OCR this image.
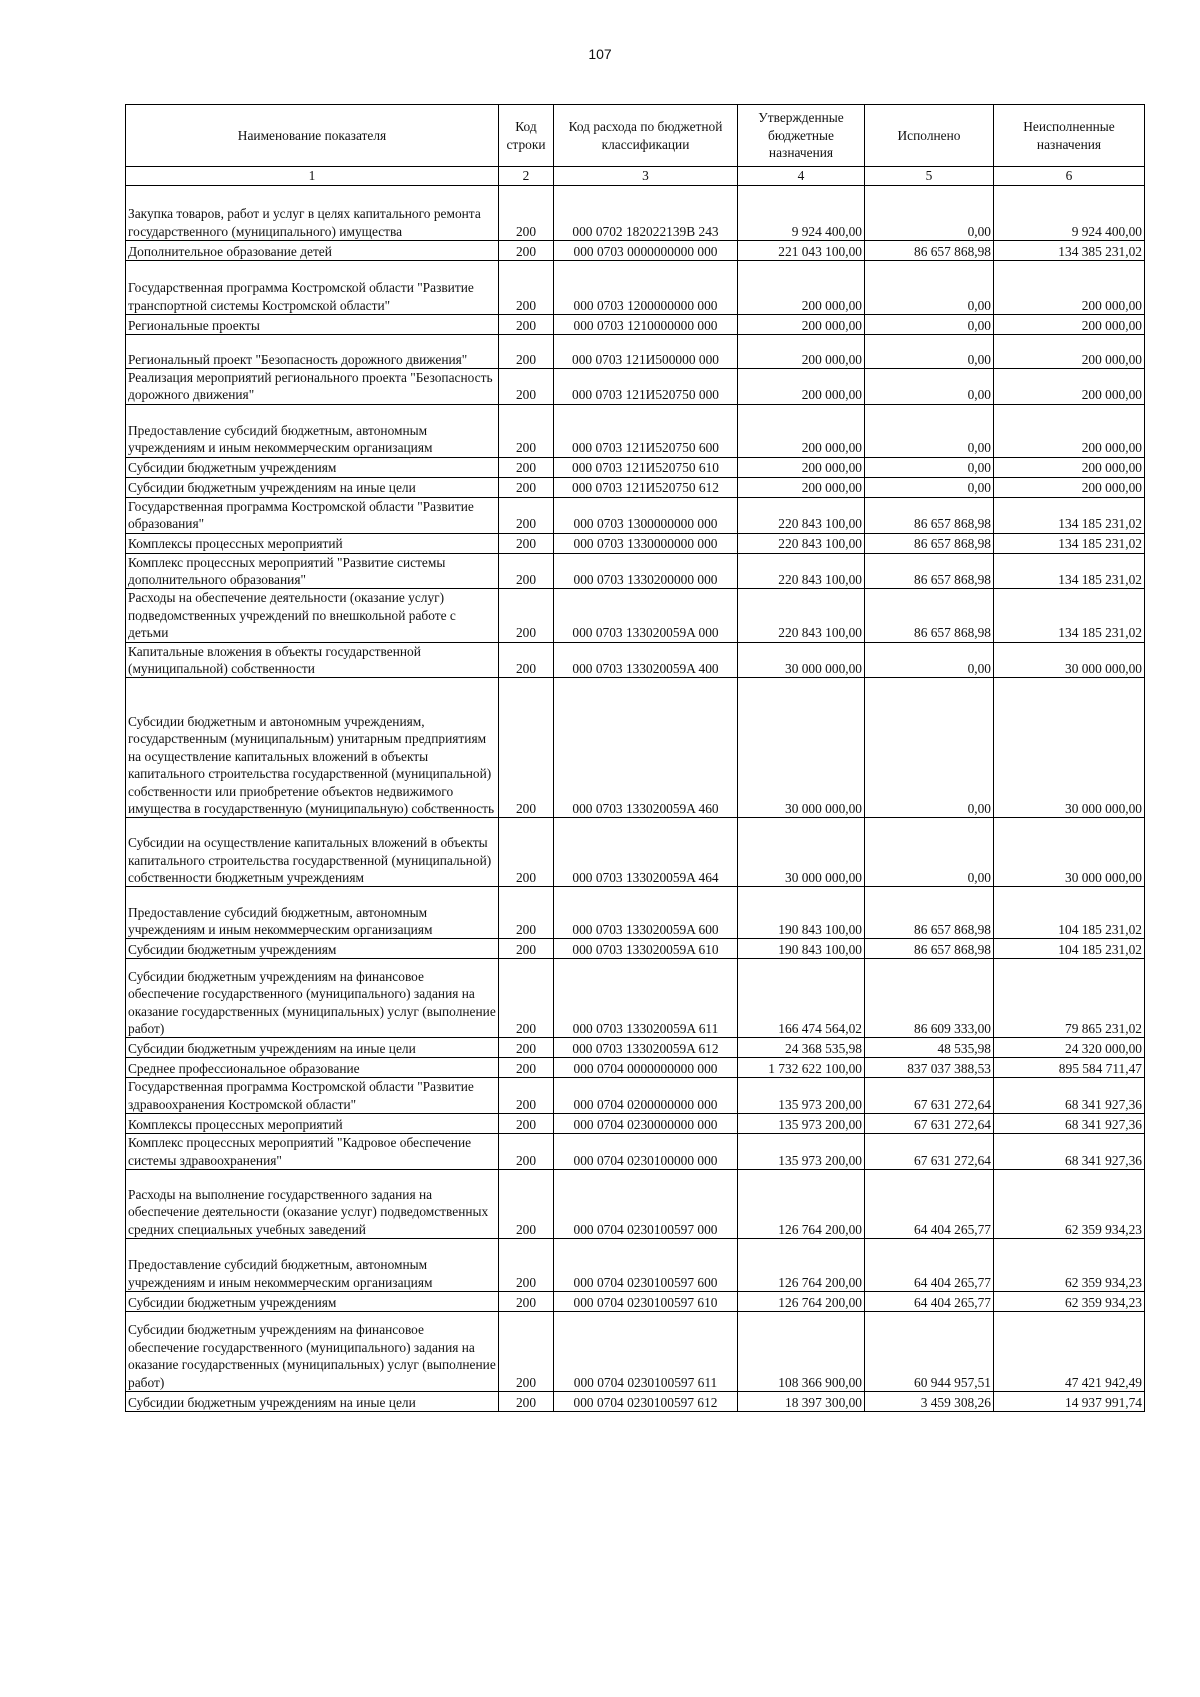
107
Наименование показателя	Код строки	Код расхода по бюджетной классификации	Утвержденные бюджетные назначения	Исполнено	Неисполненные назначения
1	2	3	4	5	6
Закупка товаров, работ и услуг в целях капитального ремонта государственного (муниципального) имущества	200	000 0702 182022139B 243	9 924 400,00	0,00	9 924 400,00
Дополнительное образование детей	200	000 0703 0000000000 000	221 043 100,00	86 657 868,98	134 385 231,02
Государственная программа Костромской области "Развитие транспортной системы Костромской области"	200	000 0703 1200000000 000	200 000,00	0,00	200 000,00
Региональные проекты	200	000 0703 1210000000 000	200 000,00	0,00	200 000,00
Региональный проект "Безопасность дорожного движения"	200	000 0703 121И500000 000	200 000,00	0,00	200 000,00
Реализация мероприятий регионального проекта "Безопасность дорожного движения"	200	000 0703 121И520750 000	200 000,00	0,00	200 000,00
Предоставление субсидий бюджетным, автономным учреждениям и иным некоммерческим организациям	200	000 0703 121И520750 600	200 000,00	0,00	200 000,00
Субсидии бюджетным учреждениям	200	000 0703 121И520750 610	200 000,00	0,00	200 000,00
Субсидии бюджетным учреждениям на иные цели	200	000 0703 121И520750 612	200 000,00	0,00	200 000,00
Государственная программа Костромской области "Развитие образования"	200	000 0703 1300000000 000	220 843 100,00	86 657 868,98	134 185 231,02
Комплексы процессных мероприятий	200	000 0703 1330000000 000	220 843 100,00	86 657 868,98	134 185 231,02
Комплекс процессных мероприятий "Развитие системы дополнительного образования"	200	000 0703 1330200000 000	220 843 100,00	86 657 868,98	134 185 231,02
Расходы на обеспечение деятельности (оказание услуг) подведомственных учреждений по внешкольной работе с детьми	200	000 0703 133020059A 000	220 843 100,00	86 657 868,98	134 185 231,02
Капитальные вложения в объекты государственной (муниципальной) собственности	200	000 0703 133020059A 400	30 000 000,00	0,00	30 000 000,00
Субсидии бюджетным и автономным учреждениям, государственным (муниципальным) унитарным предприятиям на осуществление капитальных вложений в объекты капитального строительства государственной (муниципальной) собственности или приобретение объектов недвижимого имущества в государственную (муниципальную) собственность	200	000 0703 133020059A 460	30 000 000,00	0,00	30 000 000,00
Субсидии на осуществление капитальных вложений в объекты капитального строительства государственной (муниципальной) собственности бюджетным учреждениям	200	000 0703 133020059A 464	30 000 000,00	0,00	30 000 000,00
Предоставление субсидий бюджетным, автономным учреждениям и иным некоммерческим организациям	200	000 0703 133020059A 600	190 843 100,00	86 657 868,98	104 185 231,02
Субсидии бюджетным учреждениям	200	000 0703 133020059A 610	190 843 100,00	86 657 868,98	104 185 231,02
Субсидии бюджетным учреждениям на финансовое обеспечение государственного (муниципального) задания на оказание государственных (муниципальных) услуг (выполнение работ)	200	000 0703 133020059A 611	166 474 564,02	86 609 333,00	79 865 231,02
Субсидии бюджетным учреждениям на иные цели	200	000 0703 133020059A 612	24 368 535,98	48 535,98	24 320 000,00
Среднее профессиональное образование	200	000 0704 0000000000 000	1 732 622 100,00	837 037 388,53	895 584 711,47
Государственная программа Костромской области "Развитие здравоохранения Костромской области"	200	000 0704 0200000000 000	135 973 200,00	67 631 272,64	68 341 927,36
Комплексы процессных мероприятий	200	000 0704 0230000000 000	135 973 200,00	67 631 272,64	68 341 927,36
Комплекс процессных мероприятий "Кадровое обеспечение системы здравоохранения"	200	000 0704 0230100000 000	135 973 200,00	67 631 272,64	68 341 927,36
Расходы на выполнение государственного задания на обеспечение деятельности (оказание услуг) подведомственных средних специальных учебных заведений	200	000 0704 0230100597 000	126 764 200,00	64 404 265,77	62 359 934,23
Предоставление субсидий бюджетным, автономным учреждениям и иным некоммерческим организациям	200	000 0704 0230100597 600	126 764 200,00	64 404 265,77	62 359 934,23
Субсидии бюджетным учреждениям	200	000 0704 0230100597 610	126 764 200,00	64 404 265,77	62 359 934,23
Субсидии бюджетным учреждениям на финансовое обеспечение государственного (муниципального) задания на оказание государственных (муниципальных) услуг (выполнение работ)	200	000 0704 0230100597 611	108 366 900,00	60 944 957,51	47 421 942,49
Субсидии бюджетным учреждениям на иные цели	200	000 0704 0230100597 612	18 397 300,00	3 459 308,26	14 937 991,74
